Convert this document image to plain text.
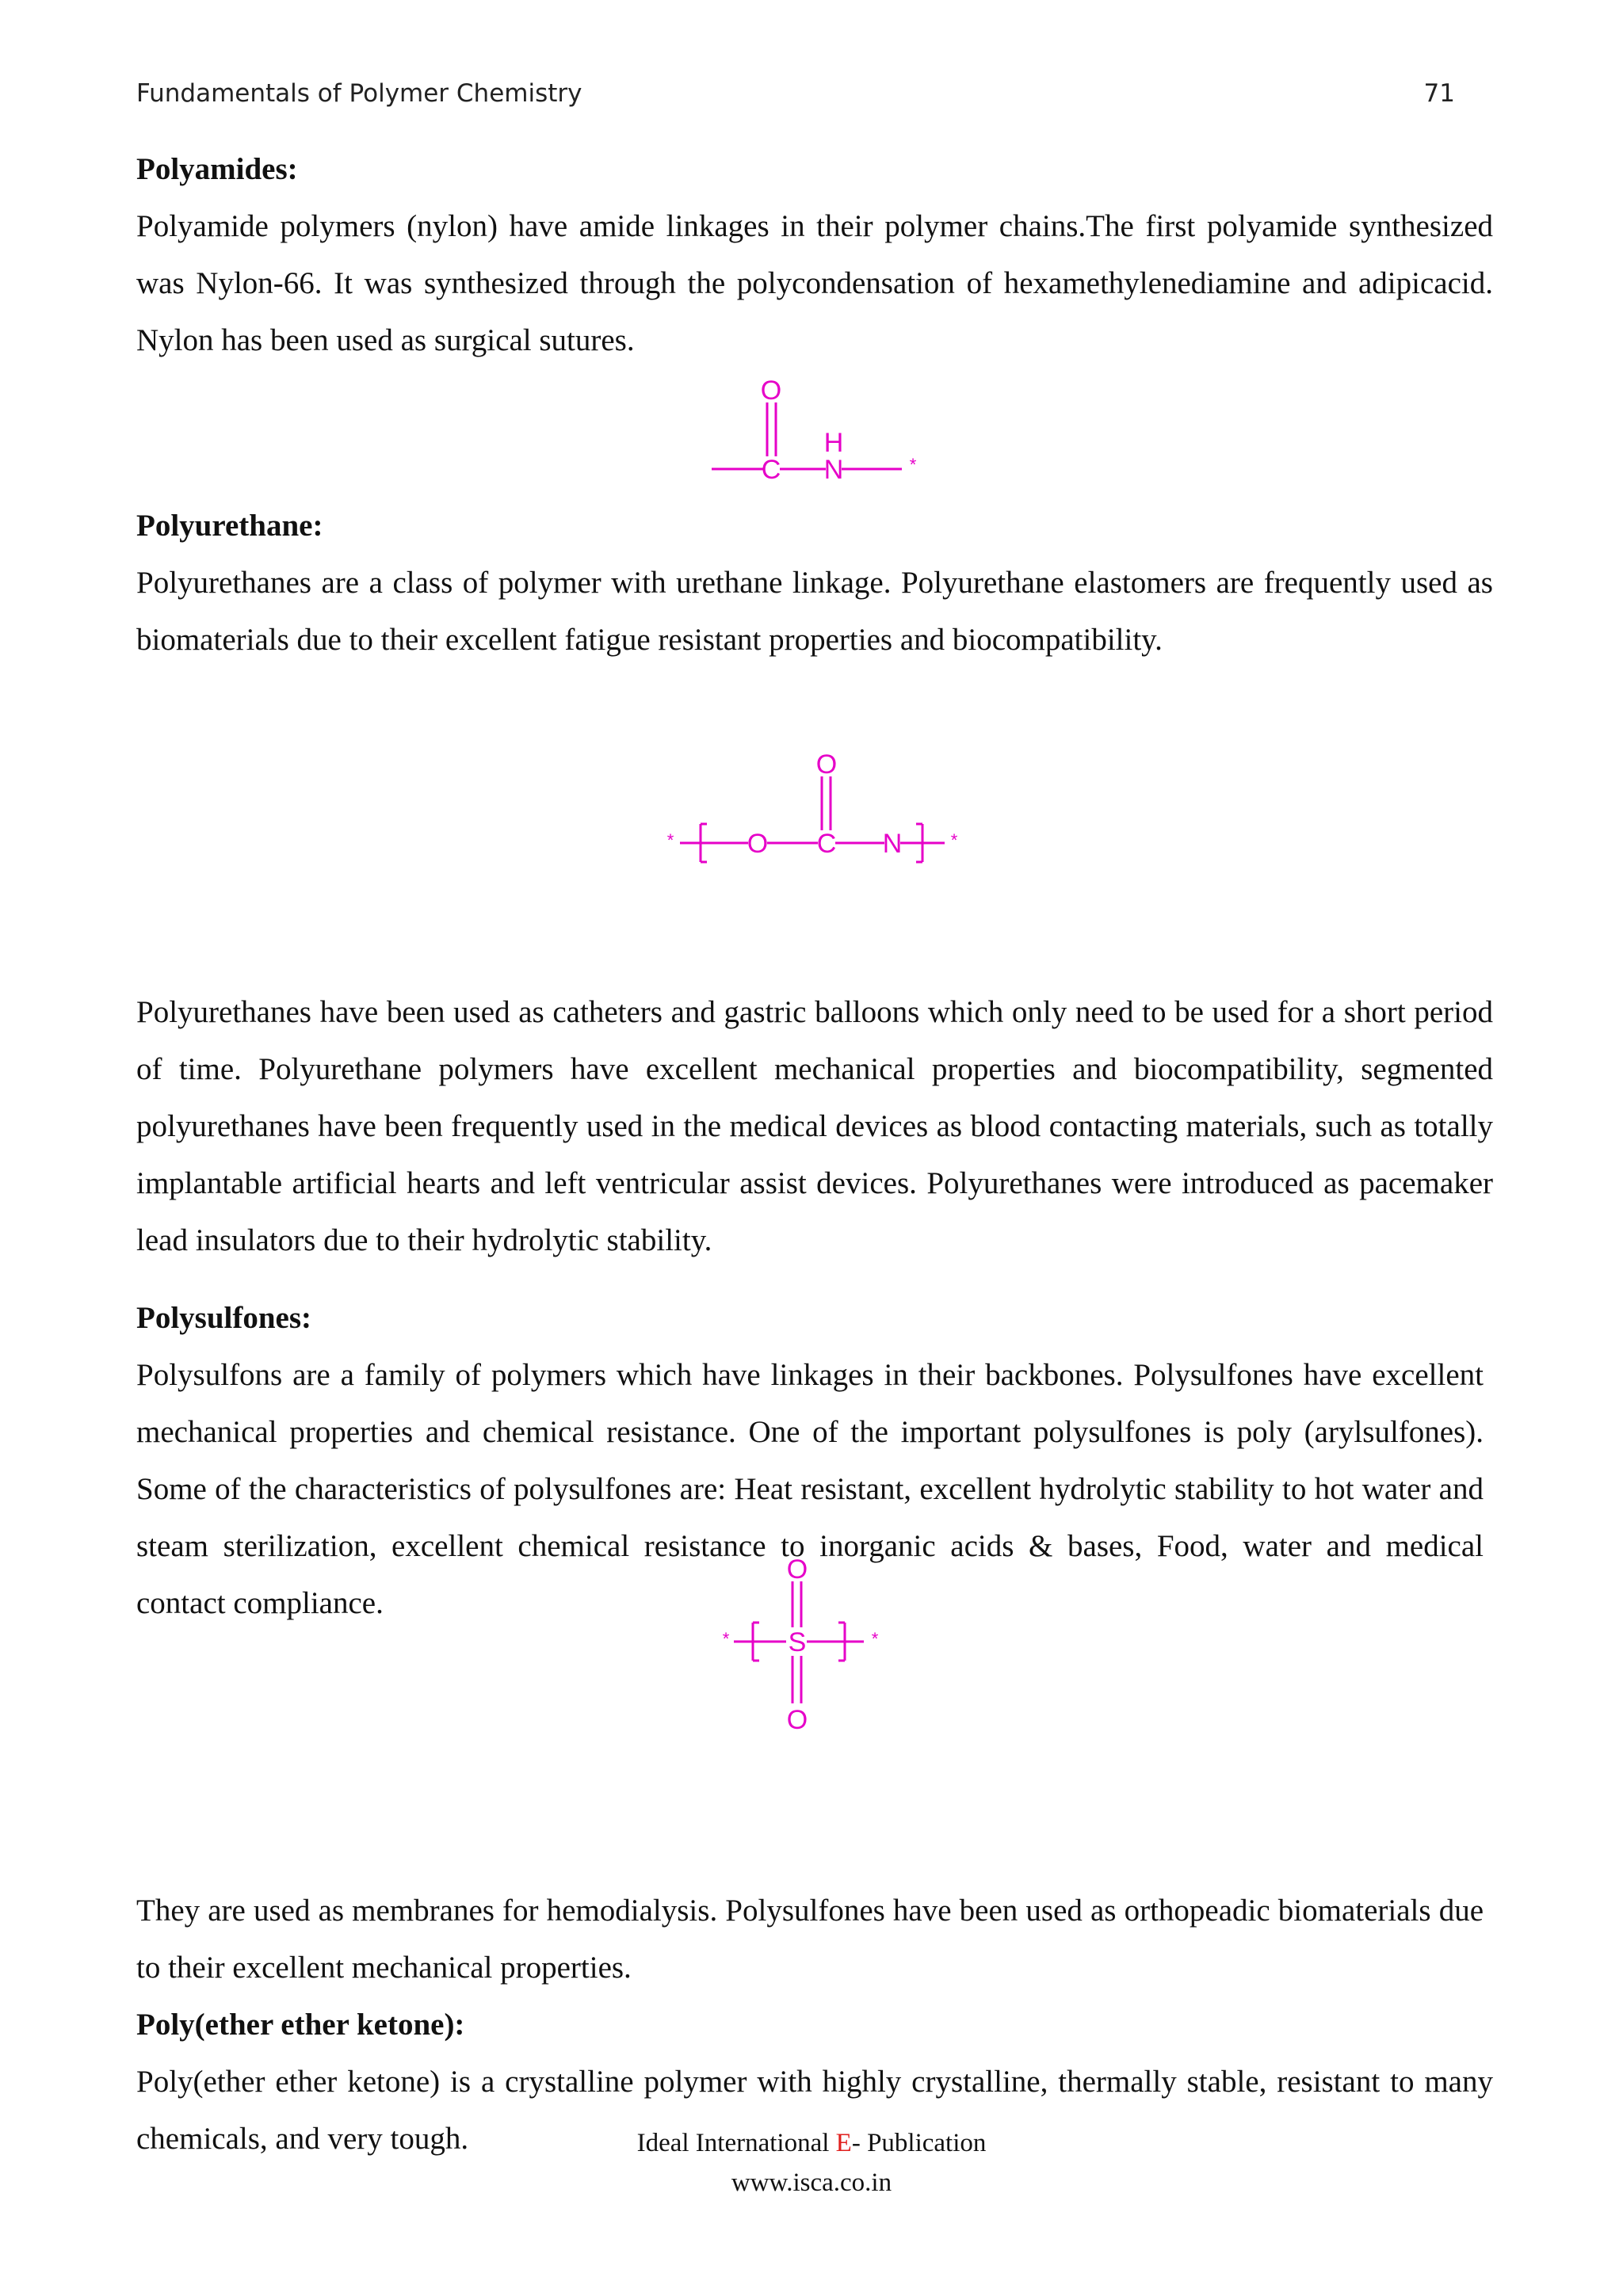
Fundamentals of Polymer Chemistry	71

Polyamides:

Polyamide polymers (nylon) have amide linkages in their polymer chains.The first polyamide synthesized was Nylon-66. It was synthesized through the polycondensation of hexamethylenediamine and adipicacid. Nylon has been used as surgical sutures.

Polyurethane:

Polyurethanes are a class of polymer with urethane linkage. Polyurethane elastomers are frequently used as biomaterials due to their excellent fatigue resistant properties and biocompatibility.

Polyurethanes have been used as catheters and gastric balloons which only need to be used for a short period of time. Polyurethane polymers have excellent mechanical properties and biocompatibility, segmented polyurethanes have been frequently used in the medical devices as blood contacting materials, such as totally implantable artificial hearts and left ventricular assist devices. Polyurethanes were introduced as pacemaker lead insulators due to their hydrolytic stability.

Polysulfones:

Polysulfons are a family of polymers which have linkages in their backbones. Polysulfones have excellent mechanical properties and chemical resistance. One of the important polysulfones is poly (arylsulfones). Some of the characteristics of polysulfones are: Heat resistant, excellent hydrolytic stability to hot water and steam sterilization, excellent chemical resistance to inorganic acids & bases, Food, water and medical contact compliance.

They are used as membranes for hemodialysis. Polysulfones have been used as orthopeadic biomaterials due to their excellent mechanical properties.

Poly(ether ether ketone):

Poly(ether ether ketone) is a crystalline polymer with highly crystalline, thermally stable, resistant to many chemicals, and very tough.

O
C
H
N	*
*	O
O
C N	*
*
O
S
O
*
Ideal International E- Publication
www.isca.co.in
